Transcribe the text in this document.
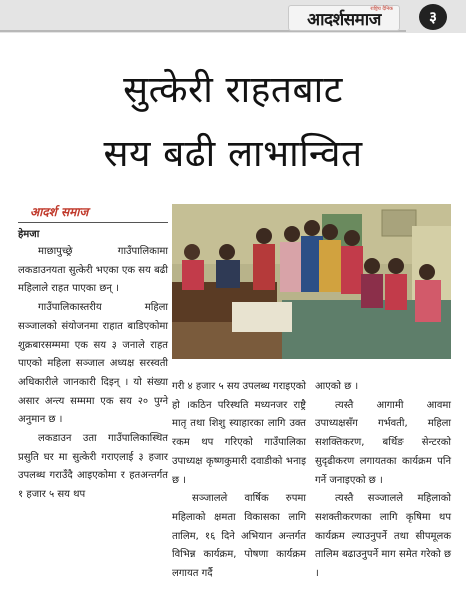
राष्ट्रिय दैनिक
आदर्शसमाज	३
सुत्केरी राहतबाट
सय बढी लाभान्वित
आदर्श समाज
हेमजा

माछापुच्छ्रे गाउँपालिकामा लकडाउनयता सुत्केरी भएका एक सय बढी महिलाले राहत पाएका छन् ।

गाउँपालिकास्तरीय महिला सञ्जालको संयोजनमा राहात बाडिएकोमा शुक्रबारसम्ममा एक सय ३ जनाले राहत पाएको महिला सञ्जाल अध्यक्ष सरस्वती अधिकारीले जानकारी दिइन् । यो संख्या असार अन्त्य सम्ममा एक सय २० पुग्ने अनुमान छ ।

लकडाउन उता गाउँपालिकास्थित प्रसुति घर मा सुत्केरी गराएलाई ३ हजार उपलब्ध गराउँदै आइएकोमा र हतअन्तर्गत १ हजार ५ सय थप

गरी ४ हजार ५ सय उपलब्ध गराइएको हो ।कठिन परिस्थति मध्यनजर राष्ट्रै मातृ तथा शिशु स्याहारका लागि उक्त रकम थप गरिएको गाउँपालिका उपाध्यक्ष कृष्णकुमारी दवाडीको भनाइ छ ।

सञ्जालले वार्षिक रुपमा महिलाको क्षमता विकासका लागि तालिम, १६ दिने अभियान अन्तर्गत विभिन्न कार्यक्रम, पोषणा कार्यक्रम लगायत गर्दै

आएको छ ।

त्यस्तै आगामी आवमा उपाध्यक्षसँग गर्भवती, महिला सशक्तिकरण, बर्थिङ सेन्टरको सुदृढीकरण लगायतका कार्यक्रम पनि गर्ने जनाइएको छ ।

त्यस्तै सञ्जालले महिलाको सशक्तीकरणका लागि कृषिमा थप कार्यक्रम ल्याउनुपर्ने तथा सीपमूलक तालिम बढाउनुपर्ने माग समेत गरेको छ ।
